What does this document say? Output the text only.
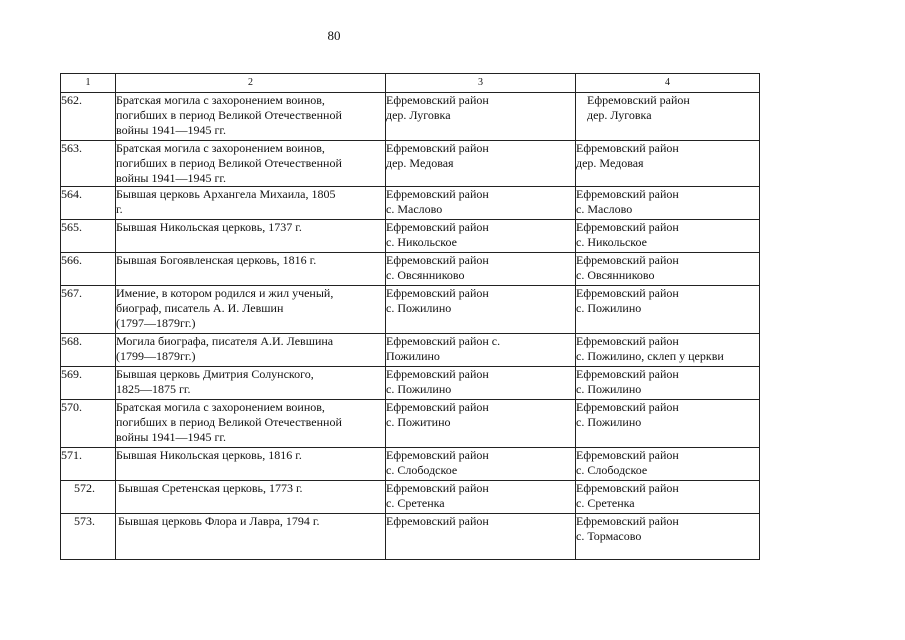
80
1	2	3	4
562.	Братская могила с захоронением воинов,
погибших в период Великой Отечественной
войны 1941—1945 гг.	Ефремовский район
дер. Луговка	Ефремовский район
дер. Луговка

563.	Братская могила с захоронением воинов,
погибших в период Великой Отечественной
войны 1941—1945 гг.	Ефремовский район
дер. Медовая	Ефремовский район
дер. Медовая

564.	Бывшая церковь Архангела Михаила, 1805
г.	Ефремовский район
с. Маслово	Ефремовский район
с. Маслово

565.	Бывшая Никольская церковь, 1737 г.	Ефремовский район
с. Никольское	Ефремовский район
с. Никольское

566.	Бывшая Богоявленская церковь, 1816 г.	Ефремовский район
с. Овсянниково	Ефремовский район
с. Овсянниково

567.	Имение, в котором родился и жил ученый,
биограф, писатель А. И. Левшин
(1797—1879гг.)	Ефремовский район
с. Пожилино	Ефремовский район
с. Пожилино

568.	Могила биографа, писателя А.И. Левшина
(1799—1879гг.)	Ефремовский район с.
Пожилино	Ефремовский район
с. Пожилино, склеп у церкви

569.	Бывшая церковь Дмитрия Солунского,
1825—1875 гг.	Ефремовский район
с. Пожилино	Ефремовский район
с. Пожилино

570.	Братская могила с захоронением воинов,
погибших в период Великой Отечественной
войны 1941—1945 гг.	Ефремовский район
с. Пожитино	Ефремовский район
с. Пожилино

571.	Бывшая Никольская церковь, 1816 г.	Ефремовский район
с. Слободское	Ефремовский район
с. Слободское

572.	Бывшая Сретенская церковь, 1773 г.	Ефремовский район
с. Сретенка	Ефремовский район
с. Сретенка

573.	Бывшая церковь Флора и Лавра, 1794 г.	Ефремовский район	Ефремовский район
с. Тормасово
